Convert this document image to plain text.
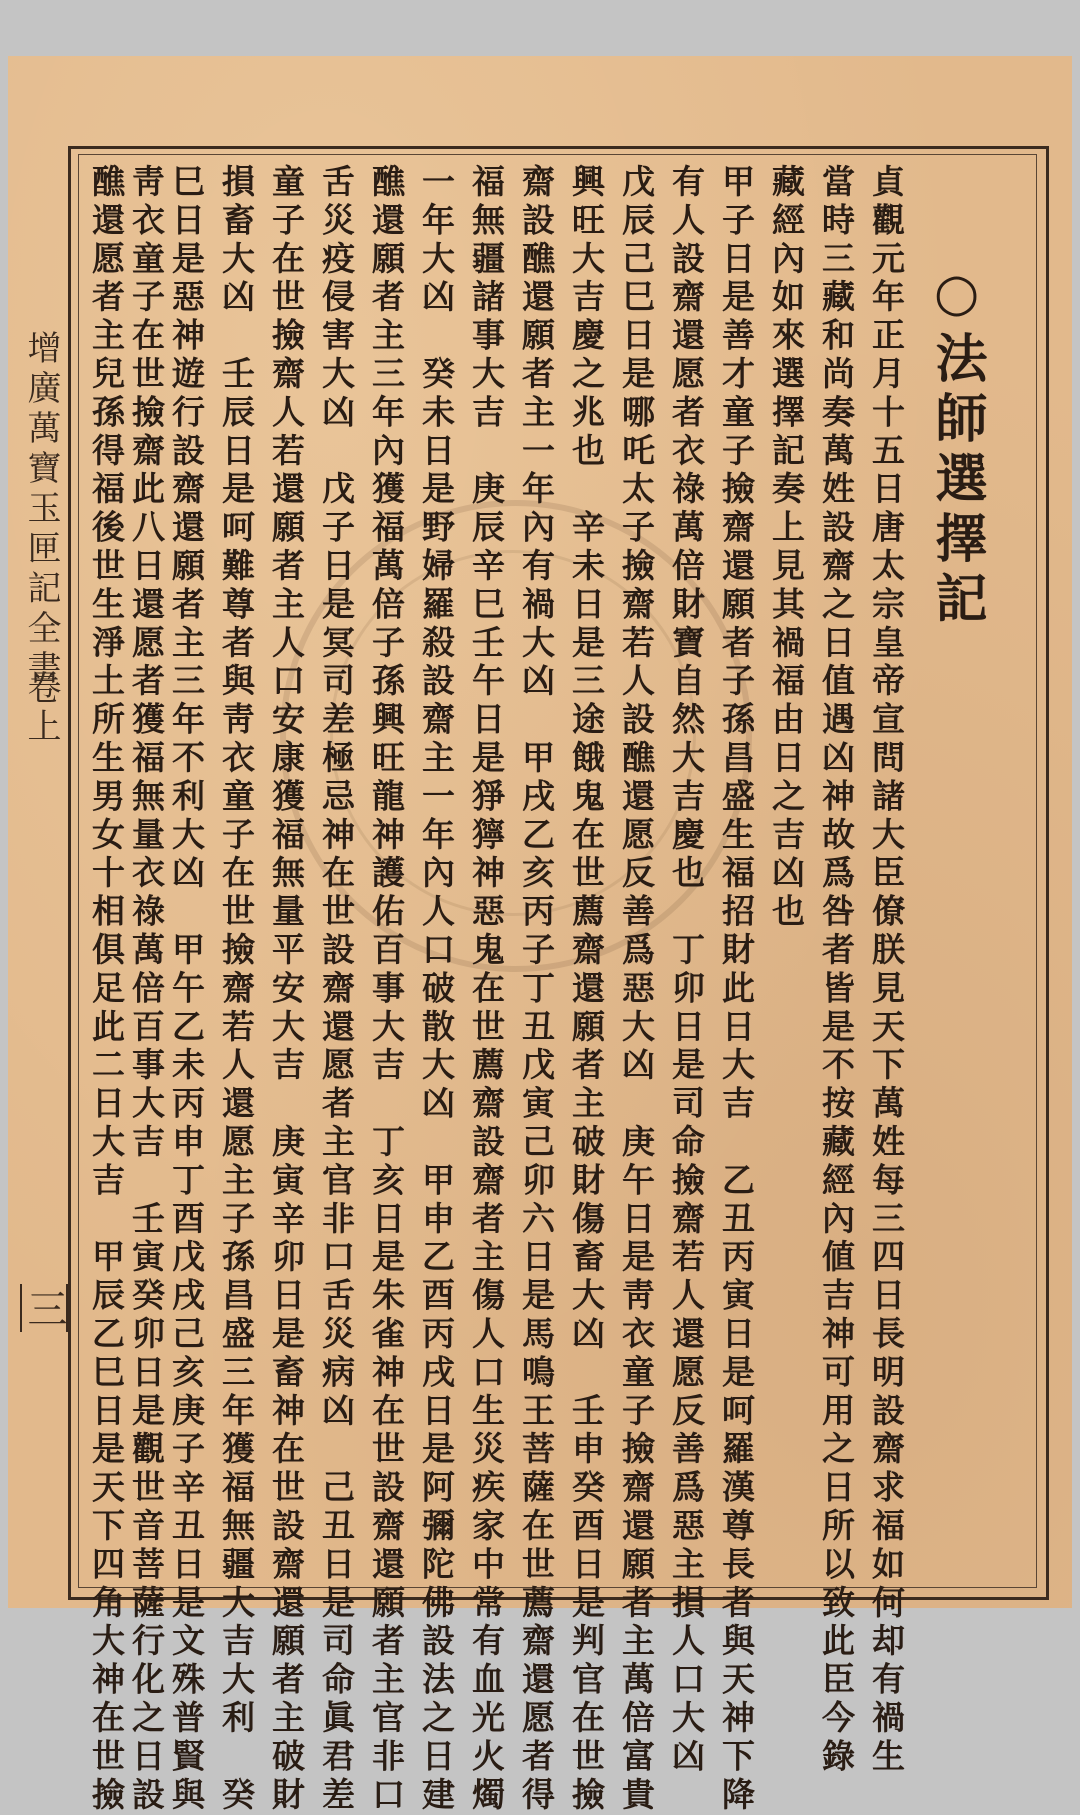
○法師選擇記
貞觀元年正月十五日唐太宗皇帝宣問諸大臣僚朕見天下萬姓每三四日長明設齋求福如何却有禍生
當時三藏和尚奏萬姓設齋之日值遇凶神故爲咎者皆是不按藏經內値吉神可用之日所以致此臣今錄
藏經內如來選擇記奏上見其禍福由日之吉凶也
甲子日是善才童子撿齋還願者子孫昌盛生福招財此日大吉　乙丑丙寅日是呵羅漢尊長者與天神下降
有人設齋還愿者衣祿萬倍財寶自然大吉慶也　丁卯日是司命撿齋若人還愿反善爲惡主損人口大凶
戊辰己巳日是哪吒太子撿齋若人設醮還愿反善爲惡大凶　庚午日是靑衣童子撿齋還願者主萬倍富貴
興旺大吉慶之兆也　辛未日是三途餓鬼在世薦齋還願者主破財傷畜大凶　壬申癸酉日是判官在世撿
齋設醮還願者主一年內有禍大凶　甲戌乙亥丙子丁丑戊寅己卯六日是馬鳴王菩薩在世薦齋還愿者得
福無疆諸事大吉　庚辰辛巳壬午日是猙獰神惡鬼在世薦齋設齋者主傷人口生災疾家中常有血光火燭
一年大凶　癸未日是野婦羅殺設齋主一年內人口破散大凶　甲申乙酉丙戌日是阿彌陀佛設法之日建
醮還願者主三年內獲福萬倍子孫興旺龍神護佑百事大吉　丁亥日是朱雀神在世設齋還願者主官非口
舌災疫侵害大凶　戊子日是冥司差極忌神在世設齋還愿者主官非口舌災病凶　己丑日是司命眞君差
童子在世撿齋人若還願者主人口安康獲福無量平安大吉　庚寅辛卯日是畜神在世設齋還願者主破財
損畜大凶　壬辰日是呵難尊者與靑衣童子在世撿齋若人還愿主子孫昌盛三年獲福無疆大吉大利　癸
巳日是惡神遊行設齋還願者主三年不利大凶　甲午乙未丙申丁酉戊戌己亥庚子辛丑日是文殊普賢與
靑衣童子在世撿齋此八日還愿者獲福無量衣祿萬倍百事大吉　壬寅癸卯日是觀世音菩薩行化之日設
醮還愿者主兒孫得福後世生淨土所生男女十相俱足此二日大吉　甲辰乙巳日是天下四角大神在世撿
增廣萬寶玉匣記全書
卷上
三
